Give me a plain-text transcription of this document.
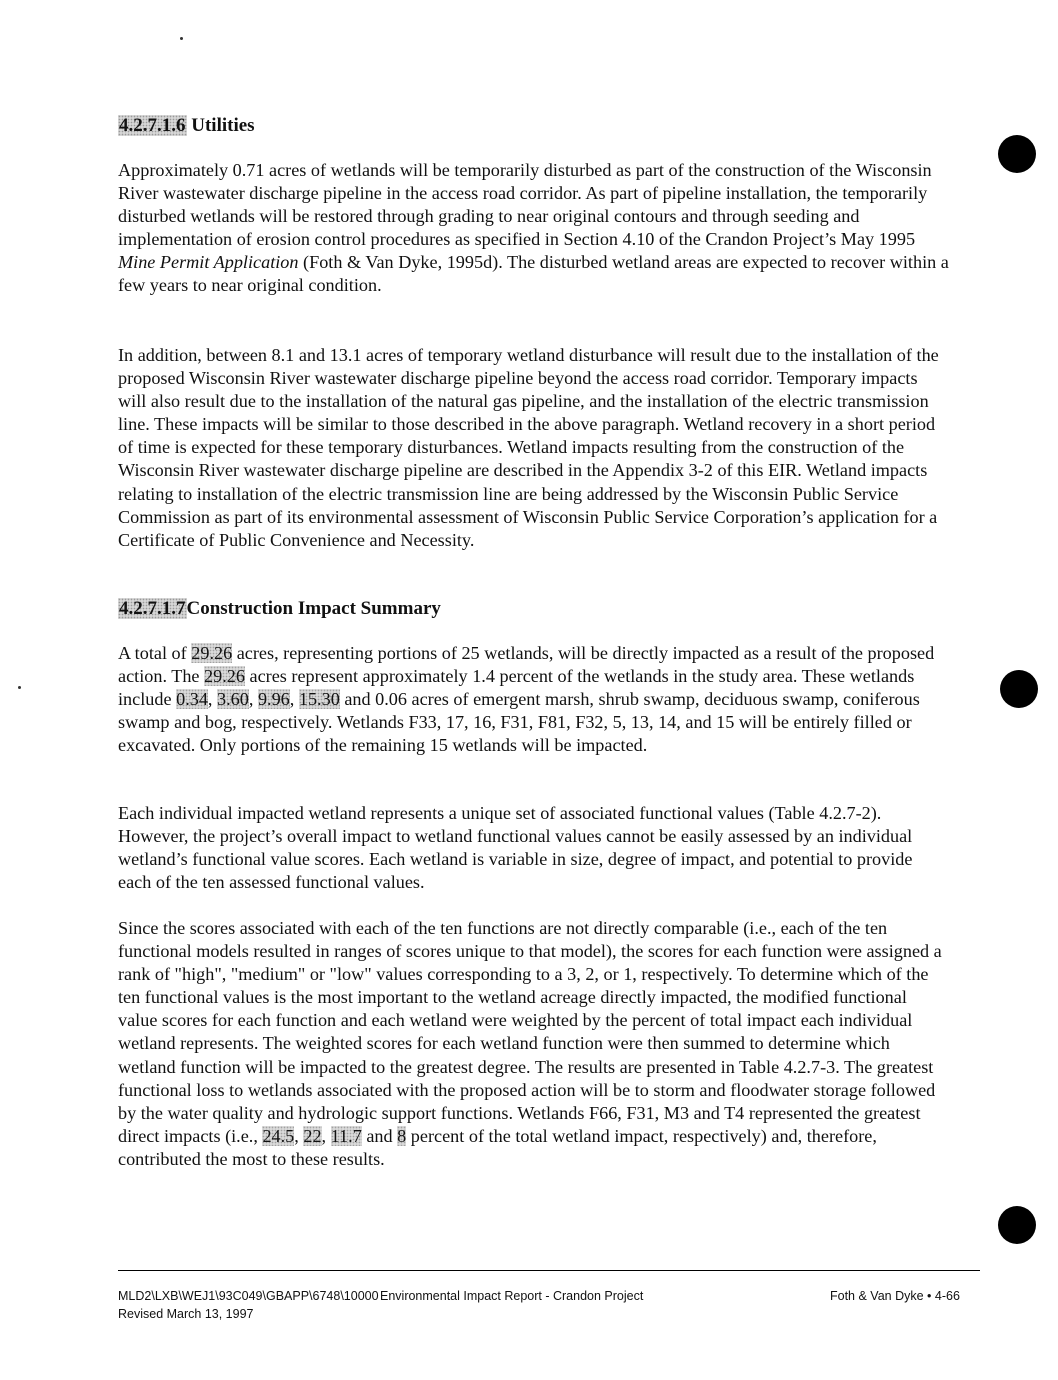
4.2.7.1.6 Utilities

Approximately 0.71 acres of wetlands will be temporarily disturbed as part of the construction of the Wisconsin River wastewater discharge pipeline in the access road corridor. As part of pipeline installation, the temporarily disturbed wetlands will be restored through grading to near original contours and through seeding and implementation of erosion control procedures as specified in Section 4.10 of the Crandon Project’s May 1995 Mine Permit Application (Foth & Van Dyke, 1995d). The disturbed wetland areas are expected to recover within a few years to near original condition.

In addition, between 8.1 and 13.1 acres of temporary wetland disturbance will result due to the installation of the proposed Wisconsin River wastewater discharge pipeline beyond the access road corridor. Temporary impacts will also result due to the installation of the natural gas pipeline, and the installation of the electric transmission line. These impacts will be similar to those described in the above paragraph. Wetland recovery in a short period of time is expected for these temporary disturbances. Wetland impacts resulting from the construction of the Wisconsin River wastewater discharge pipeline are described in the Appendix 3-2 of this EIR. Wetland impacts relating to installation of the electric transmission line are being addressed by the Wisconsin Public Service Commission as part of its environmental assessment of Wisconsin Public Service Corporation’s application for a Certificate of Public Convenience and Necessity.

4.2.7.1.7Construction Impact Summary

A total of 29.26 acres, representing portions of 25 wetlands, will be directly impacted as a result of the proposed action. The 29.26 acres represent approximately 1.4 percent of the wetlands in the study area. These wetlands include 0.34, 3.60, 9.96, 15.30 and 0.06 acres of emergent marsh, shrub swamp, deciduous swamp, coniferous swamp and bog, respectively. Wetlands F33, 17, 16, F31, F81, F32, 5, 13, 14, and 15 will be entirely filled or excavated. Only portions of the remaining 15 wetlands will be impacted.

Each individual impacted wetland represents a unique set of associated functional values (Table 4.2.7-2). However, the project’s overall impact to wetland functional values cannot be easily assessed by an individual wetland’s functional value scores. Each wetland is variable in size, degree of impact, and potential to provide each of the ten assessed functional values.

Since the scores associated with each of the ten functions are not directly comparable (i.e., each of the ten functional models resulted in ranges of scores unique to that model), the scores for each function were assigned a rank of "high", "medium" or "low" values corresponding to a 3, 2, or 1, respectively. To determine which of the ten functional values is the most important to the wetland acreage directly impacted, the modified functional value scores for each function and each wetland were weighted by the percent of total impact each individual wetland represents. The weighted scores for each wetland function were then summed to determine which wetland function will be impacted to the greatest degree. The results are presented in Table 4.2.7-3. The greatest functional loss to wetlands associated with the proposed action will be to storm and floodwater storage followed by the water quality and hydrologic support functions. Wetlands F66, F31, M3 and T4 represented the greatest direct impacts (i.e., 24.5, 22, 11.7 and 8 percent of the total wetland impact, respectively) and, therefore, contributed the most to these results.

MLD2\LXB\WEJ1\93C049\GBAPP\6748\10000
Revised March 13, 1997
Environmental Impact Report - Crandon Project	Foth & Van Dyke • 4-66
